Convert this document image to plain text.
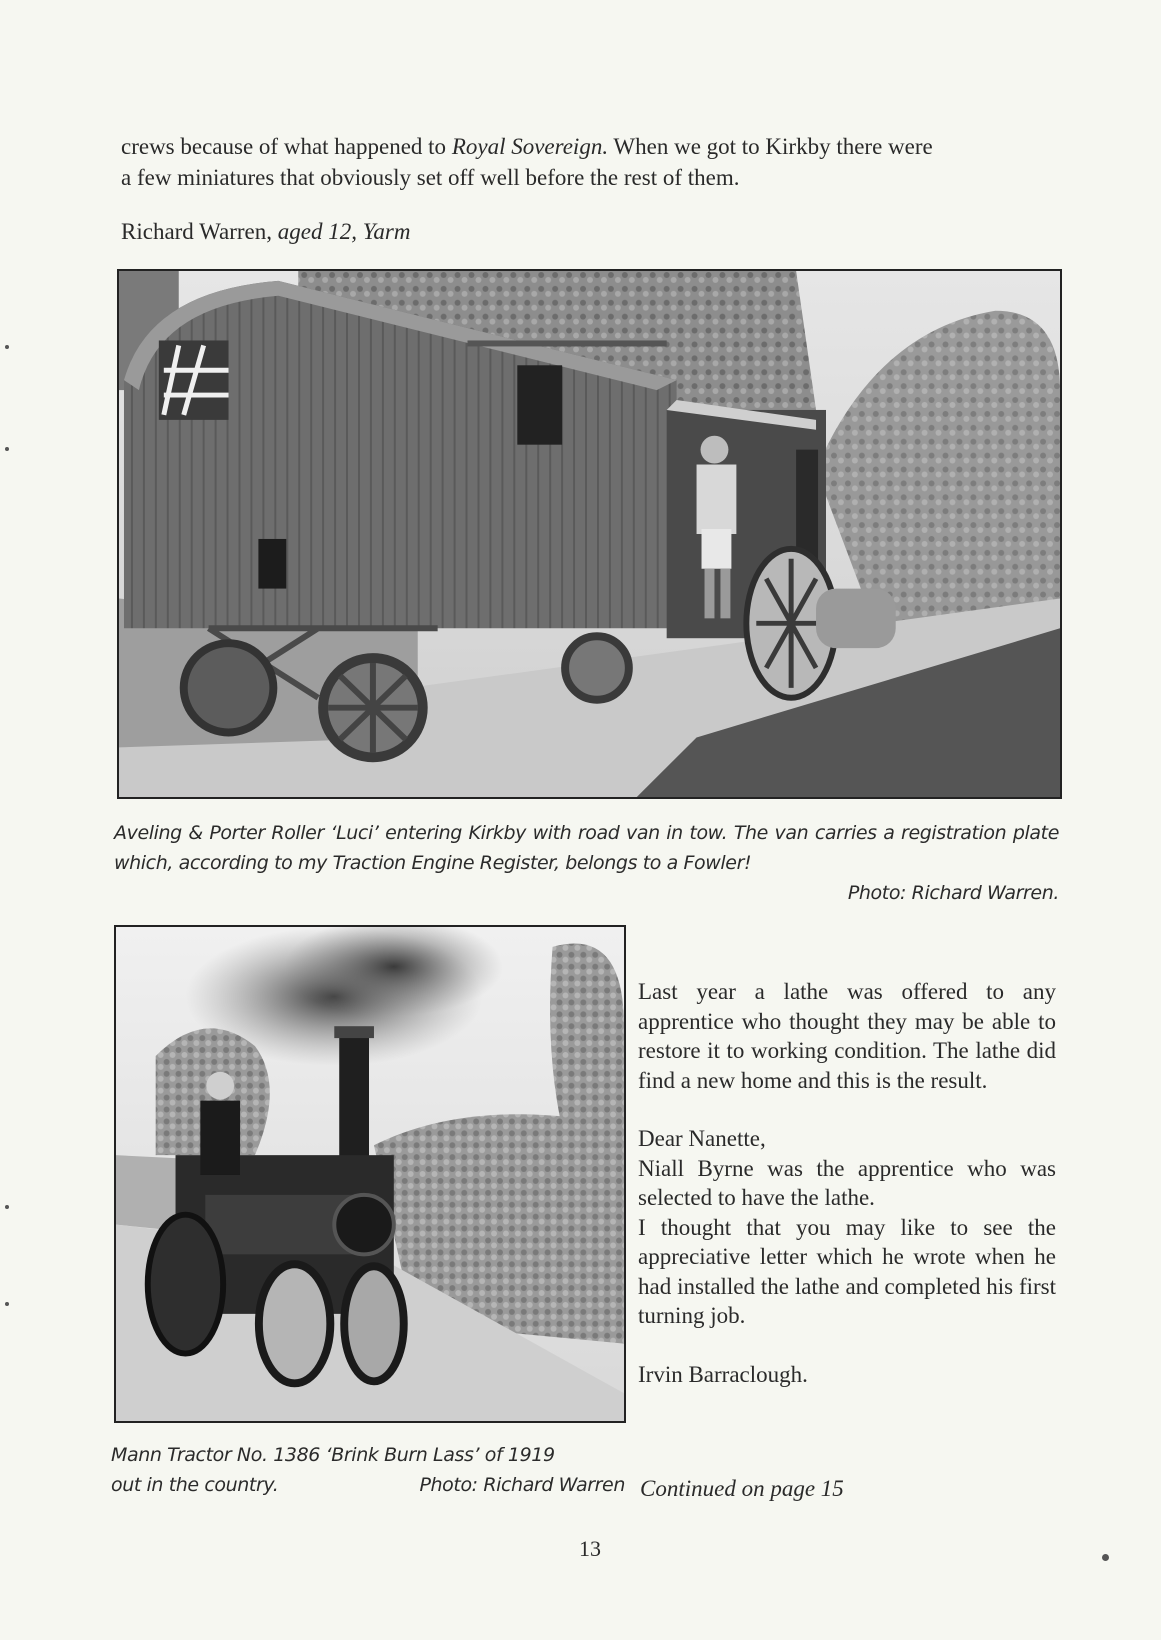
crews because of what happened to Royal Sovereign. When we got to Kirkby there were
a few miniatures that obviously set off well before the rest of them.
Richard Warren, aged 12, Yarm
Aveling & Porter Roller ‘Luci’ entering Kirkby with road van in tow. The van carries a registration plate which, according to my Traction Engine Register, belongs to a Fowler!
Photo: Richard Warren.
Last year a lathe was offered to any apprentice who thought they may be able to restore it to working condition. The lathe did find a new home and this is the result.
Dear Nanette,
Niall Byrne was the apprentice who was selected to have the lathe.
I thought that you may like to see the appreciative letter which he wrote when he had installed the lathe and completed his first turning job.
Irvin Barraclough.
Mann Tractor No. 1386 ‘Brink Burn Lass’ of 1919
out in the country.	Photo: Richard Warren Continued on page 15
13
